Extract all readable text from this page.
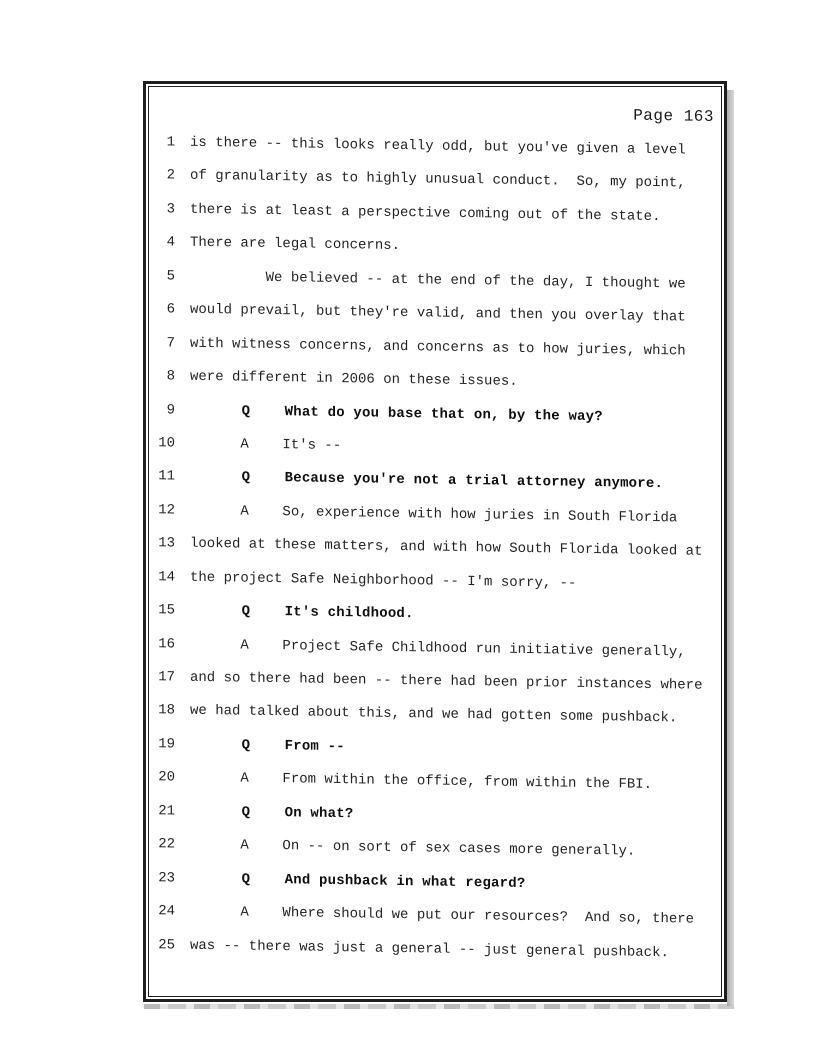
Page 163
1 is there -- this looks really odd, but you've given a level
2 of granularity as to highly unusual conduct.  So, my point,
3 there is at least a perspective coming out of the state.
4 There are legal concerns.
5 We believed -- at the end of the day, I thought we
6 would prevail, but they're valid, and then you overlay that
7 with witness concerns, and concerns as to how juries, which
8 were different in 2006 on these issues.
9 Q    What do you base that on, by the way?
10 A    It's --
11 Q    Because you're not a trial attorney anymore.
12 A    So, experience with how juries in South Florida
13 looked at these matters, and with how South Florida looked at
14 the project Safe Neighborhood -- I'm sorry, --
15 Q    It's childhood.
16 A    Project Safe Childhood run initiative generally,
17 and so there had been -- there had been prior instances where
18 we had talked about this, and we had gotten some pushback.
19 Q    From --
20 A    From within the office, from within the FBI.
21 Q    On what?
22 A    On -- on sort of sex cases more generally.
23 Q    And pushback in what regard?
24 A    Where should we put our resources?  And so, there
25 was -- there was just a general -- just general pushback.
